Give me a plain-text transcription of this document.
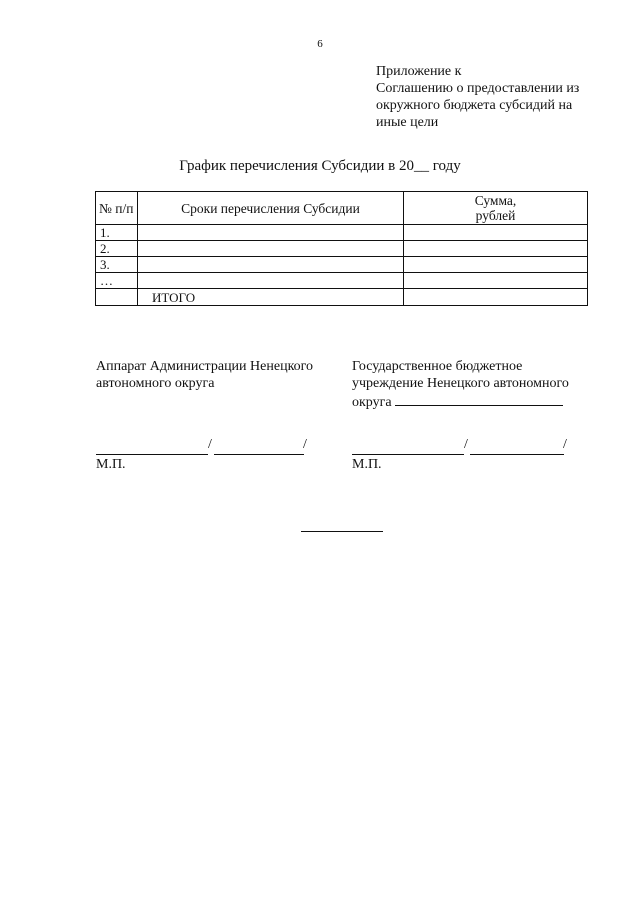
6
Приложение к
Соглашению о предоставлении из
окружного бюджета субсидий на
иные цели
График перечисления Субсидии в 20__ году
№ п/п	Сроки перечисления Субсидии	Сумма,
рублей

1.		
2.		
3.		
…		
	ИТОГО	
Аппарат Администрации Ненецкого
автономного округа
Государственное бюджетное
учреждение Ненецкого автономного
округа
/	/	/	/
М.П.	М.П.
